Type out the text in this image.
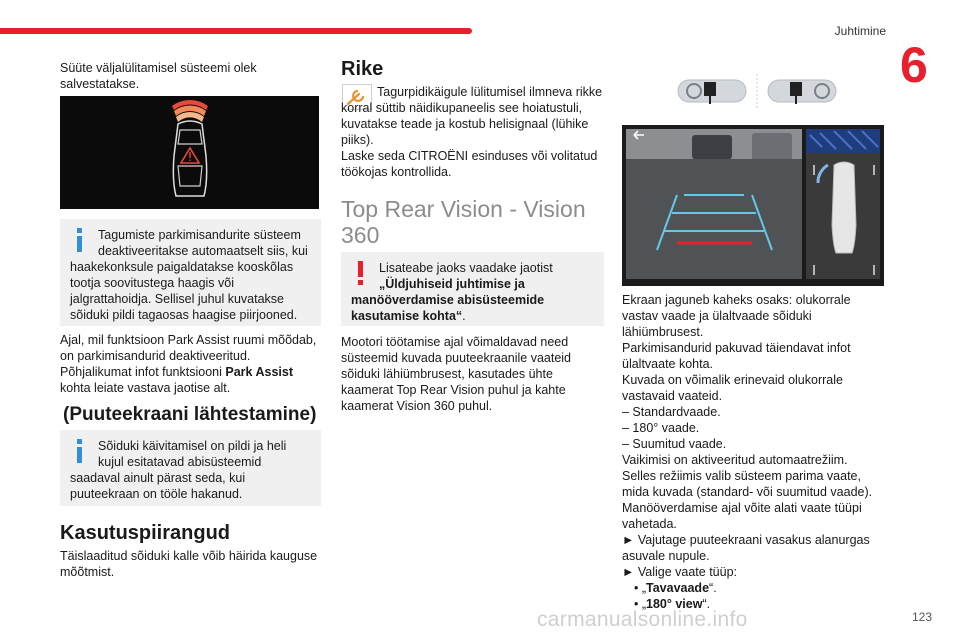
Juhtimine
6

Süüte väljalülitamisel süsteemi olek salvestatakse.

Tagumiste parkimisandurite süsteem deaktiveeritakse automaatselt siis, kui haakekonksule paigaldatakse kooskõlas tootja soovitustega haagis või jalgrattahoidja. Sellisel juhul kuvatakse sõiduki pildi tagaosas haagise piirjooned.

Ajal, mil funktsioon Park Assist ruumi mõõdab, on parkimisandurid deaktiveeritud.
Põhjalikumat infot funktsiooni Park Assist kohta leiate vastava jaotise alt.

(Puuteekraani lähtestamine)
Sõiduki käivitamisel on pildi ja heli kujul esitatavad abisüsteemid saadaval ainult pärast seda, kui puuteekraan on tööle hakanud.
Kasutuspiirangud

Täislaaditud sõiduki kalle võib häirida kauguse mõõtmist.

Rike

Tagurpidikäigule lülitumisel ilmneva rikke korral süttib näidikupaneelis see hoiatustuli, kuvatakse teade ja kostub helisignaal (lühike piiks).

Laske seda CITROËNI esinduses või volitatud töökojas kontrollida.

Top Rear Vision - Vision 360
Lisateabe jaoks vaadake jaotist „Üldjuhiseid juhtimise ja manööverdamise abisüsteemide kasutamise kohta“.

Mootori töötamise ajal võimaldavad need süsteemid kuvada puuteekraanile vaateid sõiduki lähiümbrusest, kasutades ühte kaamerat Top Rear Vision puhul ja kahte kaamerat Vision 360 puhul.

Ekraan jaguneb kaheks osaks: olukorrale vastav vaade ja ülaltvaade sõiduki lähiümbrusest.

Parkimisandurid pakuvad täiendavat infot ülaltvaate kohta.

Kuvada on võimalik erinevaid olukorrale vastavaid vaateid.

– Standardvaade.

– 180° vaade.

– Suumitud vaade.

Vaikimisi on aktiveeritud automaatrežiim.

Selles režiimis valib süsteem parima vaate, mida kuvada (standard- või suumitud vaade).

Manööverdamise ajal võite alati vaate tüüpi vahetada.

► Vajutage puuteekraani vasakus alanurgas asuvale nupule.

► Valige vaate tüüp:

• „Tavavaade“.

• „180° view“.

carmanualsonline.info	123
